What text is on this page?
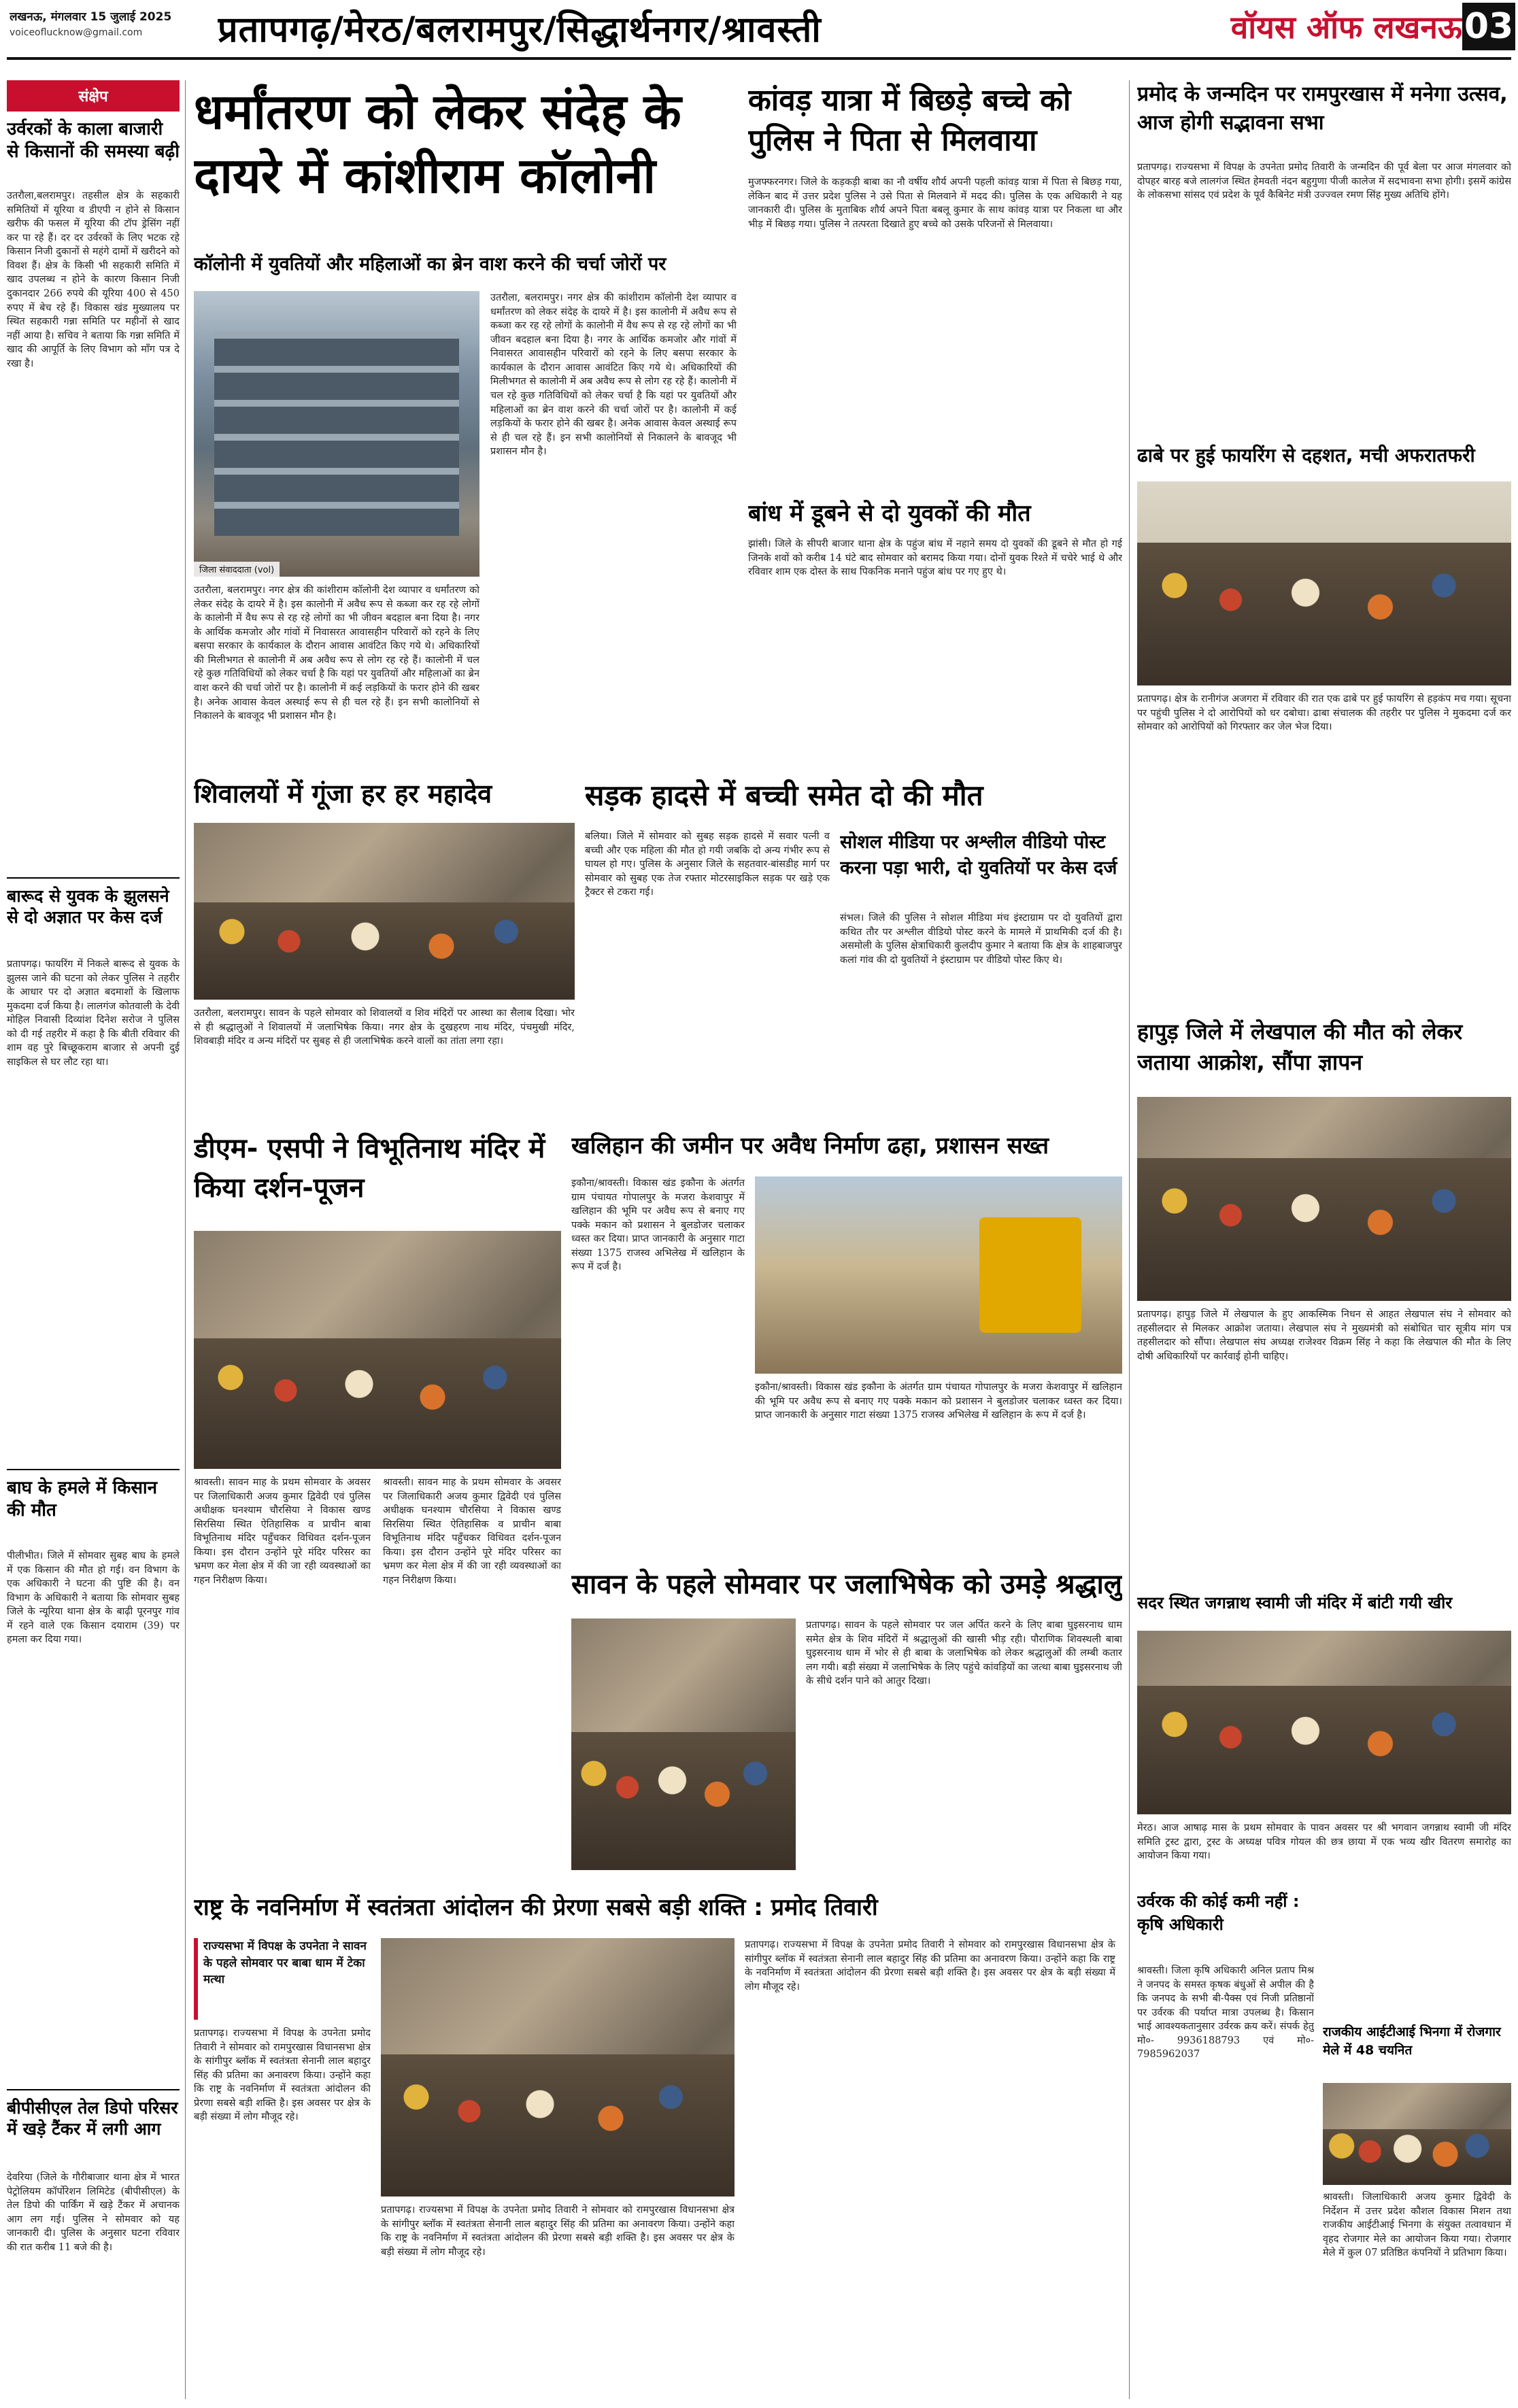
लखनऊ, मंगलवार 15 जुलाई 2025
voiceoflucknow@gmail.com	प्रतापगढ़/मेरठ/बलरामपुर/सिद्धार्थनगर/श्रावस्ती	वॉयस ऑफ लखनऊ 03
संक्षेप
उर्वरकों के काला बाजारी से किसानों की समस्या बढ़ी
उतरौला,बलरामपुर। तहसील क्षेत्र के सहकारी समितियों में यूरिया व डीएपी न होने से किसान खरीफ की फसल में यूरिया की टॉप ड्रेसिंग नहीं कर पा रहे हैं। दर दर उर्वरकों के लिए भटक रहे किसान निजी दुकानों से महंगे दामों में खरीदने को विवश हैं। क्षेत्र के किसी भी सहकारी समिति में खाद उपलब्ध न होने के कारण किसान निजी दुकानदार 266 रुपये की यूरिया 400 से 450 रुपए में बेच रहे हैं। विकास खंड मुख्यालय पर स्थित सहकारी गन्ना समिति पर महीनों से खाद नहीं आया है। सचिव ने बताया कि गन्ना समिति में खाद की आपूर्ति के लिए विभाग को माँग पत्र दे रखा है।
बारूद से युवक के झुलसने से दो अज्ञात पर केस दर्ज
प्रतापगढ़। फायरिंग में निकले बारूद से युवक के झुलस जाने की घटना को लेकर पुलिस ने तहरीर के आधार पर दो अज्ञात बदमाशों के खिलाफ मुकदमा दर्ज किया है। लालगंज कोतवाली के देवी मोहिल निवासी दिव्यांश दिनेश सरोज ने पुलिस को दी गई तहरीर में कहा है कि बीती रविवार की शाम वह पुरे बिच्छूकराम बाजार से अपनी दुई साइकिल से घर लौट रहा था।
बाघ के हमले में किसान की मौत
पीलीभीत। जिले में सोमवार सुबह बाघ के हमले में एक किसान की मौत हो गई। वन विभाग के एक अधिकारी ने घटना की पुष्टि की है। वन विभाग के अधिकारी ने बताया कि सोमवार सुबह जिले के न्यूरिया थाना क्षेत्र के बाढ़ी पूरनपुर गांव में रहने वाले एक किसान दयाराम (39) पर हमला कर दिया गया।
बीपीसीएल तेल डिपो परिसर में खड़े टैंकर में लगी आग
देवरिया (जिले के गौरीबाजार थाना क्षेत्र में भारत पेट्रोलियम कॉर्पोरेशन लिमिटेड (बीपीसीएल) के तेल डिपो की पार्किंग में खड़े टैंकर में अचानक आग लग गई। पुलिस ने सोमवार को यह जानकारी दी। पुलिस के अनुसार घटना रविवार की रात करीब 11 बजे की है।
धर्मांतरण को लेकर संदेह के दायरे में कांशीराम कॉलोनी
कॉलोनी में युवतियों और महिलाओं का ब्रेन वाश करने की चर्चा जोरों पर
जिला संवाददाता (vol)
उतरौला, बलरामपुर। नगर क्षेत्र की कांशीराम कॉलोनी देश व्यापार व धर्मांतरण को लेकर संदेह के दायरे में है। इस कालोनी में अवैध रूप से कब्जा कर रह रहे लोगों के कालोनी में वैध रूप से रह रहे लोगों का भी जीवन बदहाल बना दिया है। नगर के आर्थिक कमजोर और गांवों में निवासरत आवासहीन परिवारों को रहने के लिए बसपा सरकार के कार्यकाल के दौरान आवास आवंटित किए गये थे। अधिकारियों की मिलीभगत से कालोनी में अब अवैध रूप से लोग रह रहे हैं। कालोनी में चल रहे कुछ गतिविधियों को लेकर चर्चा है कि यहां पर युवतियों और महिलाओं का ब्रेन वाश करने की चर्चा जोरों पर है। कालोनी में कई लड़कियों के फरार होने की खबर है। अनेक आवास केवल अस्थाई रूप से ही चल रहे हैं। इन सभी कालोनियों से निकालने के बावजूद भी प्रशासन मौन है।
उतरौला, बलरामपुर। नगर क्षेत्र की कांशीराम कॉलोनी देश व्यापार व धर्मांतरण को लेकर संदेह के दायरे में है। इस कालोनी में अवैध रूप से कब्जा कर रह रहे लोगों के कालोनी में वैध रूप से रह रहे लोगों का भी जीवन बदहाल बना दिया है। नगर के आर्थिक कमजोर और गांवों में निवासरत आवासहीन परिवारों को रहने के लिए बसपा सरकार के कार्यकाल के दौरान आवास आवंटित किए गये थे। अधिकारियों की मिलीभगत से कालोनी में अब अवैध रूप से लोग रह रहे हैं। कालोनी में चल रहे कुछ गतिविधियों को लेकर चर्चा है कि यहां पर युवतियों और महिलाओं का ब्रेन वाश करने की चर्चा जोरों पर है। कालोनी में कई लड़कियों के फरार होने की खबर है। अनेक आवास केवल अस्थाई रूप से ही चल रहे हैं। इन सभी कालोनियों से निकालने के बावजूद भी प्रशासन मौन है।
कांवड़ यात्रा में बिछड़े बच्चे को पुलिस ने पिता से मिलवाया
मुजफ्फरनगर। जिले के कड़कड़ी बाबा का नौ वर्षीय शौर्य अपनी पहली कांवड़ यात्रा में पिता से बिछड़ गया, लेकिन बाद में उत्तर प्रदेश पुलिस ने उसे पिता से मिलवाने में मदद की। पुलिस के एक अधिकारी ने यह जानकारी दी। पुलिस के मुताबिक शौर्य अपने पिता बबलू कुमार के साथ कांवड़ यात्रा पर निकला था और भीड़ में बिछड़ गया। पुलिस ने तत्परता दिखाते हुए बच्चे को उसके परिजनों से मिलवाया।
बांध में डूबने से दो युवकों की मौत
झांसी। जिले के सीपरी बाजार थाना क्षेत्र के पहुंज बांध में नहाने समय दो युवकों की डूबने से मौत हो गई जिनके शवों को करीब 14 घंटे बाद सोमवार को बरामद किया गया। दोनों युवक रिश्ते में चचेरे भाई थे और रविवार शाम एक दोस्त के साथ पिकनिक मनाने पहुंज बांध पर गए हुए थे।
शिवालयों में गूंजा हर हर महादेव
उतरौला, बलरामपुर। सावन के पहले सोमवार को शिवालयों व शिव मंदिरों पर आस्था का सैलाब दिखा। भोर से ही श्रद्धालुओं ने शिवालयों में जलाभिषेक किया। नगर क्षेत्र के दुखहरण नाथ मंदिर, पंचमुखी मंदिर, शिवबाड़ी मंदिर व अन्य मंदिरों पर सुबह से ही जलाभिषेक करने वालों का तांता लगा रहा।
सड़क हादसे में बच्ची समेत दो की मौत
बलिया। जिले में सोमवार को सुबह सड़क हादसे में सवार पत्नी व बच्ची और एक महिला की मौत हो गयी जबकि दो अन्य गंभीर रूप से घायल हो गए। पुलिस के अनुसार जिले के सहतवार-बांसडीह मार्ग पर सोमवार को सुबह एक तेज रफ्तार मोटरसाइकिल सड़क पर खड़े एक ट्रैक्टर से टकरा गई।
सोशल मीडिया पर अश्लील वीडियो पोस्ट करना पड़ा भारी, दो युवतियों पर केस दर्ज
संभल। जिले की पुलिस ने सोशल मीडिया मंच इंस्टाग्राम पर दो युवतियों द्वारा कथित तौर पर अश्लील वीडियो पोस्ट करने के मामले में प्राथमिकी दर्ज की है। असमोली के पुलिस क्षेत्राधिकारी कुलदीप कुमार ने बताया कि क्षेत्र के शाहबाजपुर कलां गांव की दो युवतियों ने इंस्टाग्राम पर वीडियो पोस्ट किए थे।
डीएम- एसपी ने विभूतिनाथ मंदिर में किया दर्शन-पूजन
श्रावस्ती। सावन माह के प्रथम सोमवार के अवसर पर जिलाधिकारी अजय कुमार द्विवेदी एवं पुलिस अधीक्षक घनश्याम चौरसिया ने विकास खण्ड सिरसिया स्थित ऐतिहासिक व प्राचीन बाबा विभूतिनाथ मंदिर पहुँचकर विधिवत दर्शन-पूजन किया। इस दौरान उन्होंने पूरे मंदिर परिसर का भ्रमण कर मेला क्षेत्र में की जा रही व्यवस्थाओं का गहन निरीक्षण किया।
श्रावस्ती। सावन माह के प्रथम सोमवार के अवसर पर जिलाधिकारी अजय कुमार द्विवेदी एवं पुलिस अधीक्षक घनश्याम चौरसिया ने विकास खण्ड सिरसिया स्थित ऐतिहासिक व प्राचीन बाबा विभूतिनाथ मंदिर पहुँचकर विधिवत दर्शन-पूजन किया। इस दौरान उन्होंने पूरे मंदिर परिसर का भ्रमण कर मेला क्षेत्र में की जा रही व्यवस्थाओं का गहन निरीक्षण किया।
खलिहान की जमीन पर अवैध निर्माण ढहा, प्रशासन सख्त
इकौना/श्रावस्ती। विकास खंड इकौना के अंतर्गत ग्राम पंचायत गोपालपुर के मजरा केशवापुर में खलिहान की भूमि पर अवैध रूप से बनाए गए पक्के मकान को प्रशासन ने बुलडोजर चलाकर ध्वस्त कर दिया। प्राप्त जानकारी के अनुसार गाटा संख्या 1375 राजस्व अभिलेख में खलिहान के रूप में दर्ज है।
इकौना/श्रावस्ती। विकास खंड इकौना के अंतर्गत ग्राम पंचायत गोपालपुर के मजरा केशवापुर में खलिहान की भूमि पर अवैध रूप से बनाए गए पक्के मकान को प्रशासन ने बुलडोजर चलाकर ध्वस्त कर दिया। प्राप्त जानकारी के अनुसार गाटा संख्या 1375 राजस्व अभिलेख में खलिहान के रूप में दर्ज है।
सावन के पहले सोमवार पर जलाभिषेक को उमड़े श्रद्धालु
प्रतापगढ़। सावन के पहले सोमवार पर जल अर्पित करने के लिए बाबा घुइसरनाथ धाम समेत क्षेत्र के शिव मंदिरों में श्रद्धालुओं की खासी भीड़ रही। पौराणिक शिवस्थली बाबा घुइसरनाथ धाम में भोर से ही बाबा के जलाभिषेक को लेकर श्रद्धालुओं की लम्बी कतार लग गयी। बड़ी संख्या में जलाभिषेक के लिए पहुंचे कांवड़ियों का जत्था बाबा घुइसरनाथ जी के सीधे दर्शन पाने को आतुर दिखा।
राष्ट्र के नवनिर्माण में स्वतंत्रता आंदोलन की प्रेरणा सबसे बड़ी शक्ति : प्रमोद तिवारी
राज्यसभा में विपक्ष के उपनेता ने सावन के पहले सोमवार पर बाबा धाम में टेका मत्था
प्रतापगढ़। राज्यसभा में विपक्ष के उपनेता प्रमोद तिवारी ने सोमवार को रामपुरखास विधानसभा क्षेत्र के सांगीपुर ब्लॉक में स्वतंत्रता सेनानी लाल बहादुर सिंह की प्रतिमा का अनावरण किया। उन्होंने कहा कि राष्ट्र के नवनिर्माण में स्वतंत्रता आंदोलन की प्रेरणा सबसे बड़ी शक्ति है। इस अवसर पर क्षेत्र के बड़ी संख्या में लोग मौजूद रहे।
प्रतापगढ़। राज्यसभा में विपक्ष के उपनेता प्रमोद तिवारी ने सोमवार को रामपुरखास विधानसभा क्षेत्र के सांगीपुर ब्लॉक में स्वतंत्रता सेनानी लाल बहादुर सिंह की प्रतिमा का अनावरण किया। उन्होंने कहा कि राष्ट्र के नवनिर्माण में स्वतंत्रता आंदोलन की प्रेरणा सबसे बड़ी शक्ति है। इस अवसर पर क्षेत्र के बड़ी संख्या में लोग मौजूद रहे।
प्रतापगढ़। राज्यसभा में विपक्ष के उपनेता प्रमोद तिवारी ने सोमवार को रामपुरखास विधानसभा क्षेत्र के सांगीपुर ब्लॉक में स्वतंत्रता सेनानी लाल बहादुर सिंह की प्रतिमा का अनावरण किया। उन्होंने कहा कि राष्ट्र के नवनिर्माण में स्वतंत्रता आंदोलन की प्रेरणा सबसे बड़ी शक्ति है। इस अवसर पर क्षेत्र के बड़ी संख्या में लोग मौजूद रहे।
प्रमोद के जन्मदिन पर रामपुरखास में मनेगा उत्सव, आज होगी सद्भावना सभा
प्रतापगढ़। राज्यसभा में विपक्ष के उपनेता प्रमोद तिवारी के जन्मदिन की पूर्व बेला पर आज मंगलवार को दोपहर बारह बजे लालगंज स्थित हेमवती नंदन बहुगुणा पीजी कालेज में सदभावना सभा होगी। इसमें कांग्रेस के लोकसभा सांसद एवं प्रदेश के पूर्व कैबिनेट मंत्री उज्ज्वल रमण सिंह मुख्य अतिथि होंगे।
ढाबे पर हुई फायरिंग से दहशत, मची अफरातफरी
प्रतापगढ़। क्षेत्र के रानीगंज अजगरा में रविवार की रात एक ढाबे पर हुई फायरिंग से हड़कंप मच गया। सूचना पर पहुंची पुलिस ने दो आरोपियों को धर दबोचा। ढाबा संचालक की तहरीर पर पुलिस ने मुकदमा दर्ज कर सोमवार को आरोपियों को गिरफ्तार कर जेल भेज दिया।
हापुड़ जिले में लेखपाल की मौत को लेकर जताया आक्रोश, सौंपा ज्ञापन
प्रतापगढ़। हापुड़ जिले में लेखपाल के हुए आकस्मिक निधन से आहत लेखपाल संघ ने सोमवार को तहसीलदार से मिलकर आक्रोश जताया। लेखपाल संघ ने मुख्यमंत्री को संबोधित चार सूत्रीय मांग पत्र तहसीलदार को सौंपा। लेखपाल संघ अध्यक्ष राजेश्वर विक्रम सिंह ने कहा कि लेखपाल की मौत के लिए दोषी अधिकारियों पर कार्रवाई होनी चाहिए।
सदर स्थित जगन्नाथ स्वामी जी मंदिर में बांटी गयी खीर
मेरठ। आज आषाढ़ मास के प्रथम सोमवार के पावन अवसर पर श्री भगवान जगन्नाथ स्वामी जी मंदिर समिति ट्रस्ट द्वारा, ट्रस्ट के अध्यक्ष पवित्र गोयल की छत्र छाया में एक भव्य खीर वितरण समारोह का आयोजन किया गया।
उर्वरक की कोई कमी नहीं : कृषि अधिकारी
श्रावस्ती। जिला कृषि अधिकारी अनिल प्रताप मिश्र ने जनपद के समस्त कृषक बंधुओं से अपील की है कि जनपद के सभी बी-पैक्स एवं निजी प्रतिष्ठानों पर उर्वरक की पर्याप्त मात्रा उपलब्ध है। किसान भाई आवश्यकतानुसार उर्वरक क्रय करें। संपर्क हेतु मो०- 9936188793 एवं मो०- 7985962037
राजकीय आईटीआई भिनगा में रोजगार मेले में 48 चयनित
श्रावस्ती। जिलाधिकारी अजय कुमार द्विवेदी के निर्देशन में उत्तर प्रदेश कौशल विकास मिशन तथा राजकीय आईटीआई भिनगा के संयुक्त तत्वावधान में वृहद रोजगार मेले का आयोजन किया गया। रोजगार मेले में कुल 07 प्रतिष्ठित कंपनियों ने प्रतिभाग किया।
